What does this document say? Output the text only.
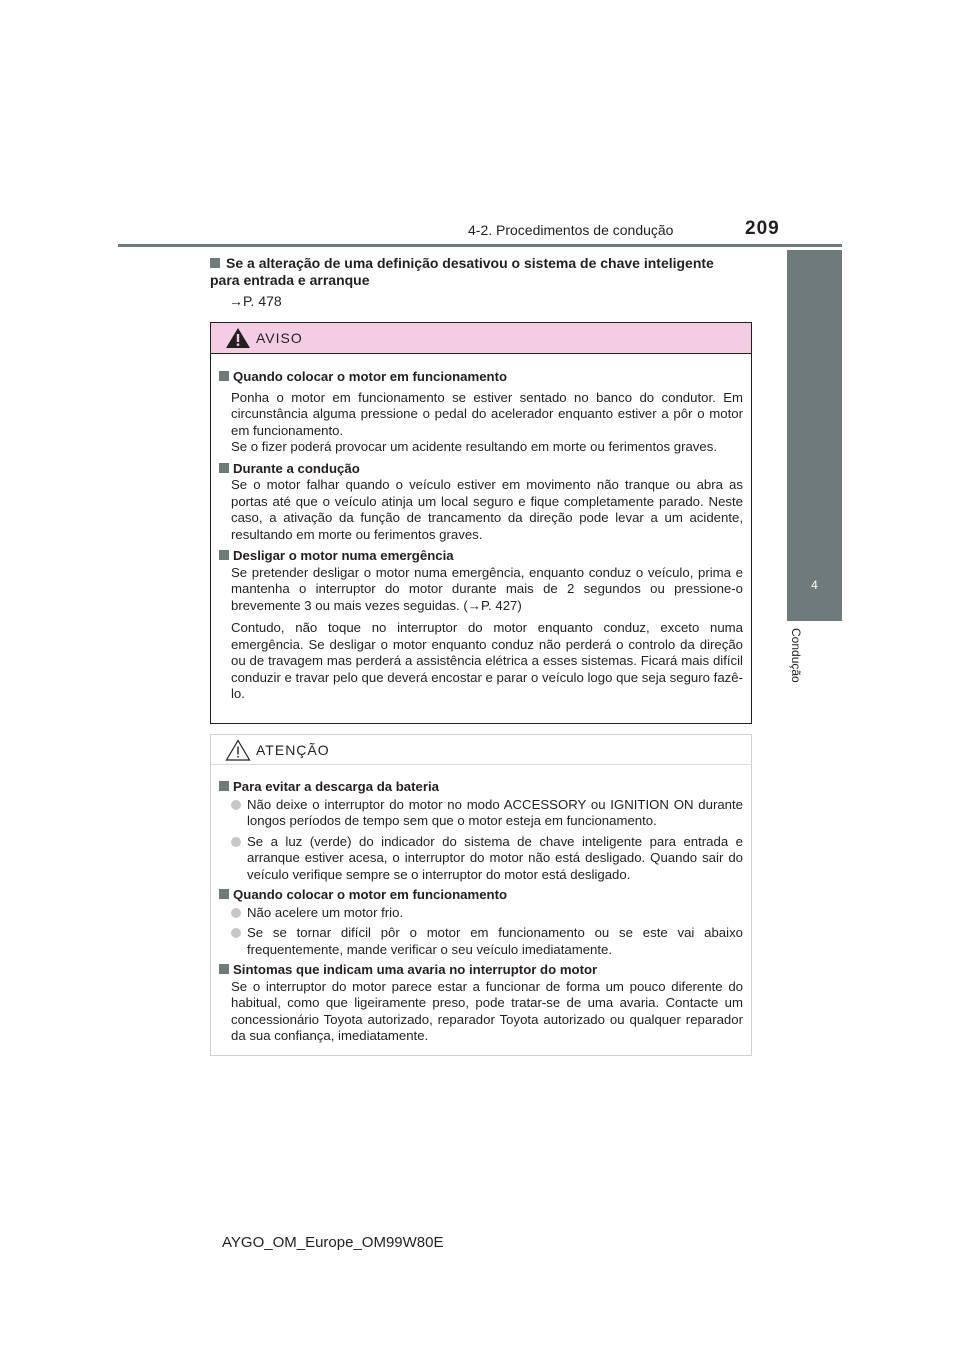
4-2. Procedimentos de condução	209
4
Condução
Se a alteração de uma definição desativou o sistema de chave inteligente para entrada e arranque
→P. 478
AVISO
Quando colocar o motor em funcionamento
Ponha o motor em funcionamento se estiver sentado no banco do condutor. Em circunstância alguma pressione o pedal do acelerador enquanto estiver a pôr o motor em funcionamento.
Se o fizer poderá provocar um acidente resultando em morte ou ferimentos graves.
Durante a condução
Se o motor falhar quando o veículo estiver em movimento não tranque ou abra as portas até que o veículo atinja um local seguro e fique completamente parado. Neste caso, a ativação da função de trancamento da direção pode levar a um acidente, resultando em morte ou ferimentos graves.
Desligar o motor numa emergência
Se pretender desligar o motor numa emergência, enquanto conduz o veículo, prima e mantenha o interruptor do motor durante mais de 2 segundos ou pressione-o brevemente 3 ou mais vezes seguidas. (→P. 427)
Contudo, não toque no interruptor do motor enquanto conduz, exceto numa emergência. Se desligar o motor enquanto conduz não perderá o controlo da direção ou de travagem mas perderá a assistência elétrica a esses sistemas. Ficará mais difícil conduzir e travar pelo que deverá encostar e parar o veículo logo que seja seguro fazê-lo.
ATENÇÃO
Para evitar a descarga da bateria
Não deixe o interruptor do motor no modo ACCESSORY ou IGNITION ON durante longos períodos de tempo sem que o motor esteja em funcionamento.
Se a luz (verde) do indicador do sistema de chave inteligente para entrada e arranque estiver acesa, o interruptor do motor não está desligado. Quando sair do veículo verifique sempre se o interruptor do motor está desligado.
Quando colocar o motor em funcionamento
Não acelere um motor frio.
Se se tornar difícil pôr o motor em funcionamento ou se este vai abaixo frequentemente, mande verificar o seu veículo imediatamente.
Sintomas que indicam uma avaria no interruptor do motor
Se o interruptor do motor parece estar a funcionar de forma um pouco diferente do habitual, como que ligeiramente preso, pode tratar-se de uma avaria. Contacte um concessionário Toyota autorizado, reparador Toyota autorizado ou qualquer reparador da sua confiança, imediatamente.
AYGO_OM_Europe_OM99W80E
